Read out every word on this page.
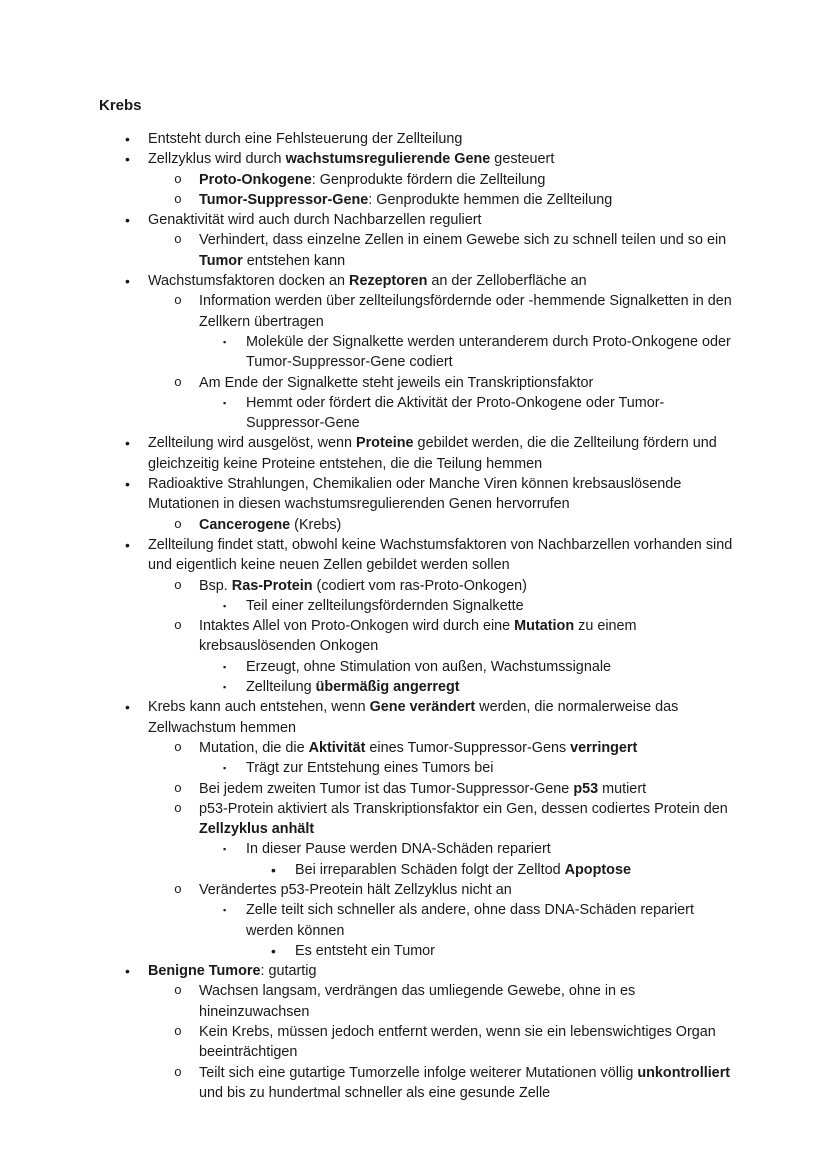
Krebs
• Entsteht durch eine Fehlsteuerung der Zellteilung
• Zellzyklus wird durch wachstumsregulierende Gene gesteuert
o Proto-Onkogene: Genprodukte fördern die Zellteilung
o Tumor-Suppressor-Gene: Genprodukte hemmen die Zellteilung
• Genaktivität wird auch durch Nachbarzellen reguliert
o Verhindert, dass einzelne Zellen in einem Gewebe sich zu schnell teilen und so ein Tumor entstehen kann
• Wachstumsfaktoren docken an Rezeptoren an der Zelloberfläche an
o Information werden über zellteilungsfördernde oder -hemmende Signalketten in den Zellkern übertragen
▪ Moleküle der Signalkette werden unteranderem durch Proto-Onkogene oder Tumor-Suppressor-Gene codiert
o Am Ende der Signalkette steht jeweils ein Transkriptionsfaktor
▪ Hemmt oder fördert die Aktivität der Proto-Onkogene oder Tumor-Suppressor-Gene
• Zellteilung wird ausgelöst, wenn Proteine gebildet werden, die die Zellteilung fördern und gleichzeitig keine Proteine entstehen, die die Teilung hemmen
• Radioaktive Strahlungen, Chemikalien oder Manche Viren können krebsauslösende Mutationen in diesen wachstumsregulierenden Genen hervorrufen
o Cancerogene (Krebs)
• Zellteilung findet statt, obwohl keine Wachstumsfaktoren von Nachbarzellen vorhanden sind und eigentlich keine neuen Zellen gebildet werden sollen
o Bsp. Ras-Protein (codiert vom ras-Proto-Onkogen)
▪ Teil einer zellteilungsfördernden Signalkette
o Intaktes Allel von Proto-Onkogen wird durch eine Mutation zu einem krebsauslösenden Onkogen
▪ Erzeugt, ohne Stimulation von außen, Wachstumssignale
▪ Zellteilung übermäßig angerregt
• Krebs kann auch entstehen, wenn Gene verändert werden, die normalerweise das Zellwachstum hemmen
o Mutation, die die Aktivität eines Tumor-Suppressor-Gens verringert
▪ Trägt zur Entstehung eines Tumors bei
o Bei jedem zweiten Tumor ist das Tumor-Suppressor-Gene p53 mutiert
o p53-Protein aktiviert als Transkriptionsfaktor ein Gen, dessen codiertes Protein den Zellzyklus anhält
▪ In dieser Pause werden DNA-Schäden repariert
• Bei irreparablen Schäden folgt der Zelltod Apoptose
o Verändertes p53-Preotein hält Zellzyklus nicht an
▪ Zelle teilt sich schneller als andere, ohne dass DNA-Schäden repariert werden können
• Es entsteht ein Tumor
• Benigne Tumore: gutartig
o Wachsen langsam, verdrängen das umliegende Gewebe, ohne in es hineinzuwachsen
o Kein Krebs, müssen jedoch entfernt werden, wenn sie ein lebenswichtiges Organ beeinträchtigen
o Teilt sich eine gutartige Tumorzelle infolge weiterer Mutationen völlig unkontrolliert und bis zu hundertmal schneller als eine gesunde Zelle
